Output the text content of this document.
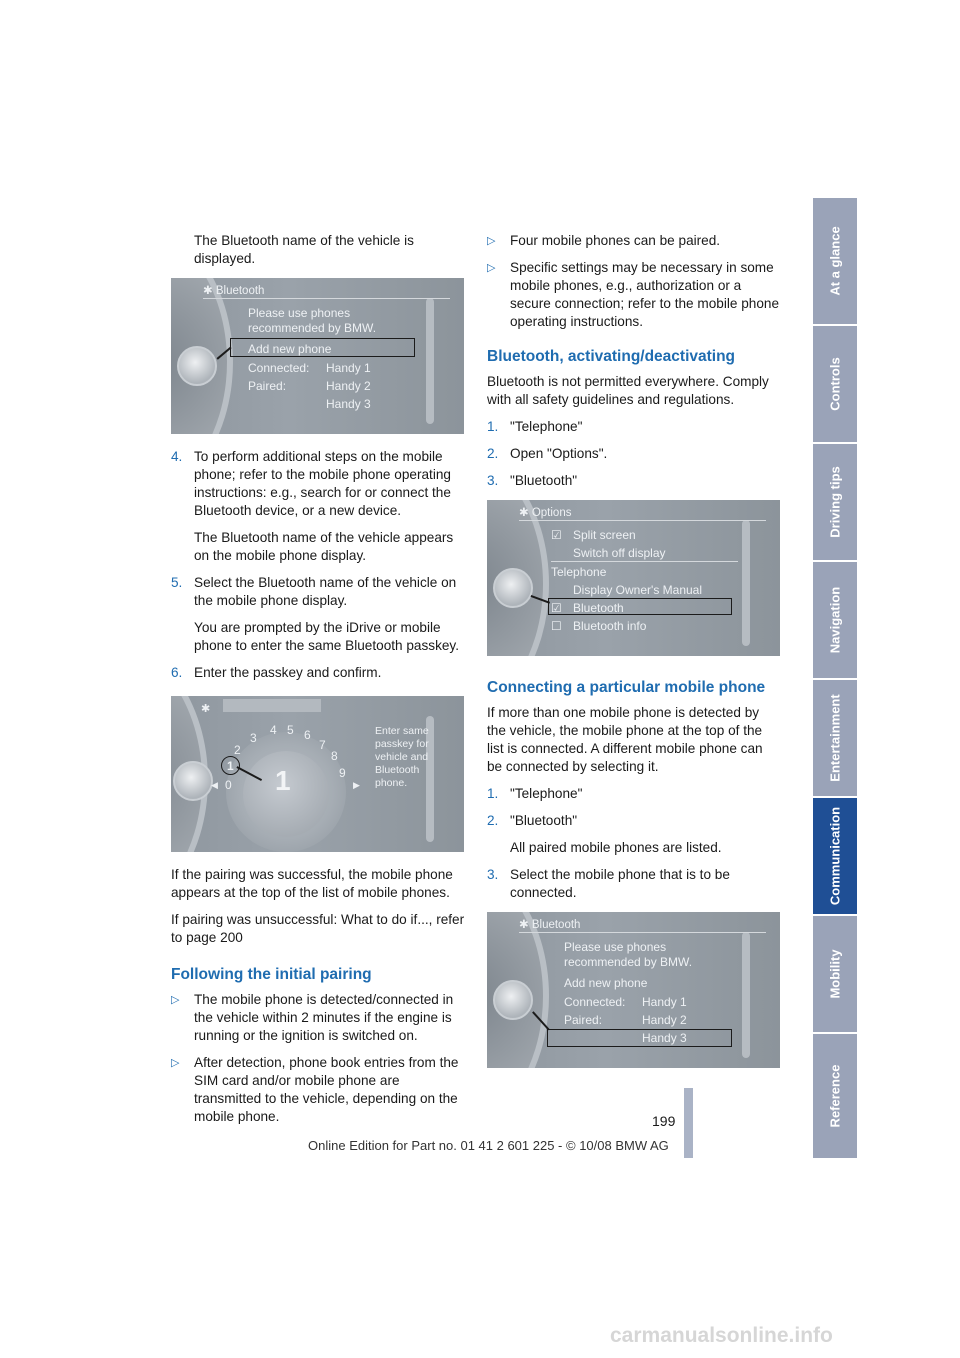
The Bluetooth name of the vehicle is displayed.

✱ Bluetooth
Please use phones
recommended by BMW.
Add new phone
Connected: Handy 1
Paired:	Handy 2
Handy 3
4. To perform additional steps on the mobile phone; refer to the mobile phone operating instructions: e.g., search for or connect the Bluetooth device, or a new device.

The Bluetooth name of the vehicle appears on the mobile phone display.

5. Select the Bluetooth name of the vehicle on the mobile phone display.

You are prompted by the iDrive or mobile phone to enter the same Bluetooth passkey.

6. Enter the passkey and confirm.

✱
1
0
1
2
3
4 5 6
7
8
9
◀	▶
Enter same
passkey for
vehicle and
Bluetooth
phone.

If the pairing was successful, the mobile phone appears at the top of the list of mobile phones.

If pairing was unsuccessful: What to do if..., refer to page 200

Following the initial pairing
▷ The mobile phone is detected/connected in the vehicle within 2 minutes if the engine is running or the ignition is switched on.

▷ After detection, phone book entries from the SIM card and/or mobile phone are transmitted to the vehicle, depending on the mobile phone.

▷ Four mobile phones can be paired.

▷ Specific settings may be necessary in some mobile phones, e.g., authorization or a secure connection; refer to the mobile phone operating instructions.

Bluetooth, activating/deactivating

Bluetooth is not permitted everywhere. Comply with all safety guidelines and regulations.

1. "Telephone"

2. Open "Options".

3. "Bluetooth"

✱ Options
☑ Split screen
Switch off display
Telephone
Display Owner's Manual
☑ Bluetooth
☐ Bluetooth info
Connecting a particular mobile phone

If more than one mobile phone is detected by the vehicle, the mobile phone at the top of the list is connected. A different mobile phone can be connected by selecting it.

1. "Telephone"

2. "Bluetooth"

All paired mobile phones are listed.

3. Select the mobile phone that is to be connected.

✱ Bluetooth
Please use phones
recommended by BMW.
Add new phone
Connected: Handy 1
Paired:	Handy 2
Handy 3
At a glance
Controls
Driving tips
Navigation
Entertainment
Communication
Mobility
Reference
199
Online Edition for Part no. 01 41 2 601 225 - © 10/08 BMW AG
carmanualsonline.info
